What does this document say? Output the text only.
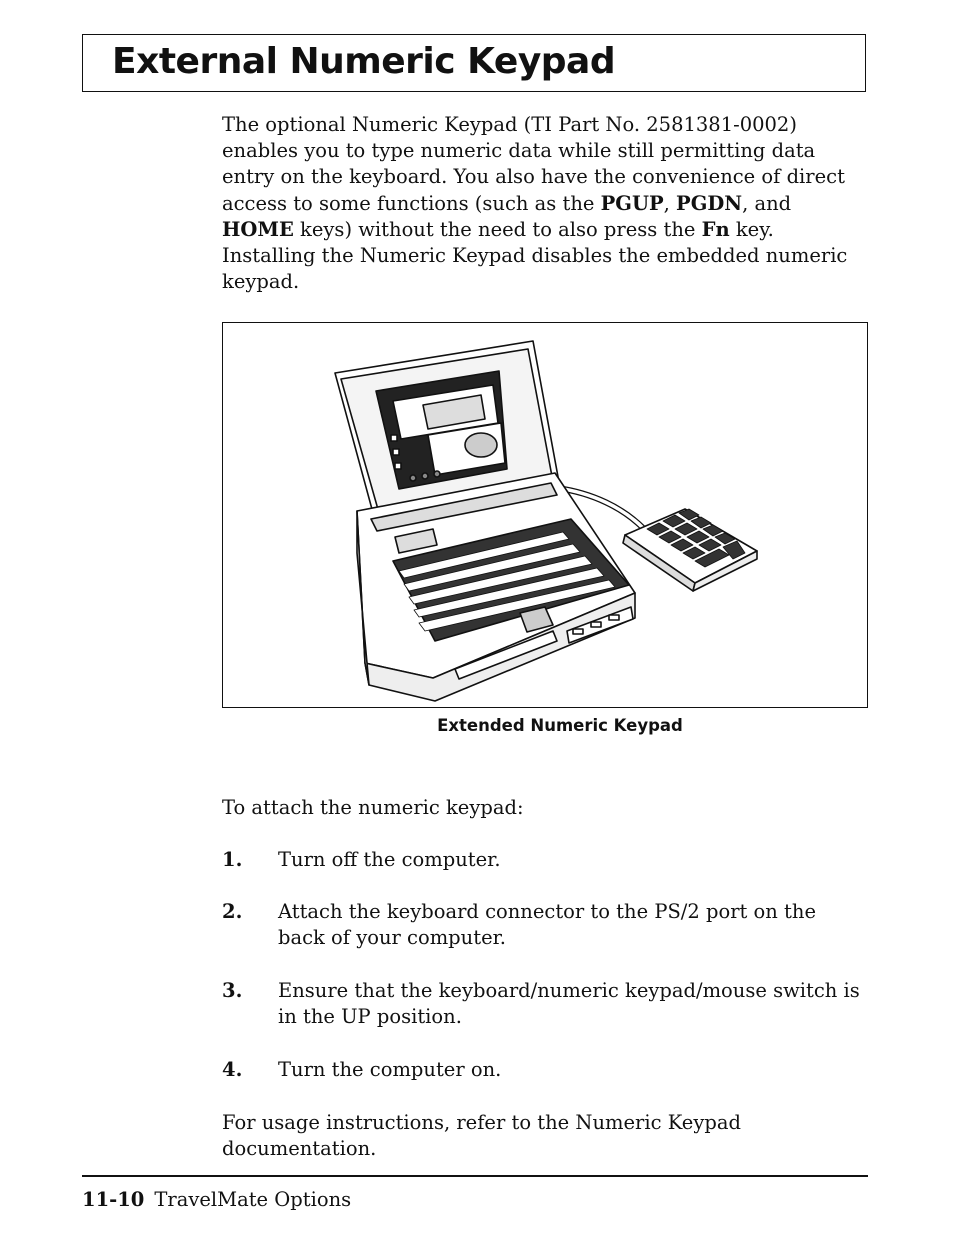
External Numeric Keypad

The optional Numeric Keypad (TI Part No. 2581381-0002) enables you to type numeric data while still permitting data entry on the keyboard. You also have the convenience of direct access to some functions (such as the PGUP, PGDN, and HOME keys) without the need to also press the Fn key. Installing the Numeric Keypad disables the embedded numeric keypad.

Extended Numeric Keypad

To attach the numeric keypad:

1. Turn off the computer.
2. Attach the keyboard connector to the PS/2 port on the back of your computer.
3. Ensure that the keyboard/numeric keypad/mouse switch is in the UP position.
4. Turn the computer on.

For usage instructions, refer to the Numeric Keypad documentation.

11-10 TravelMate Options
